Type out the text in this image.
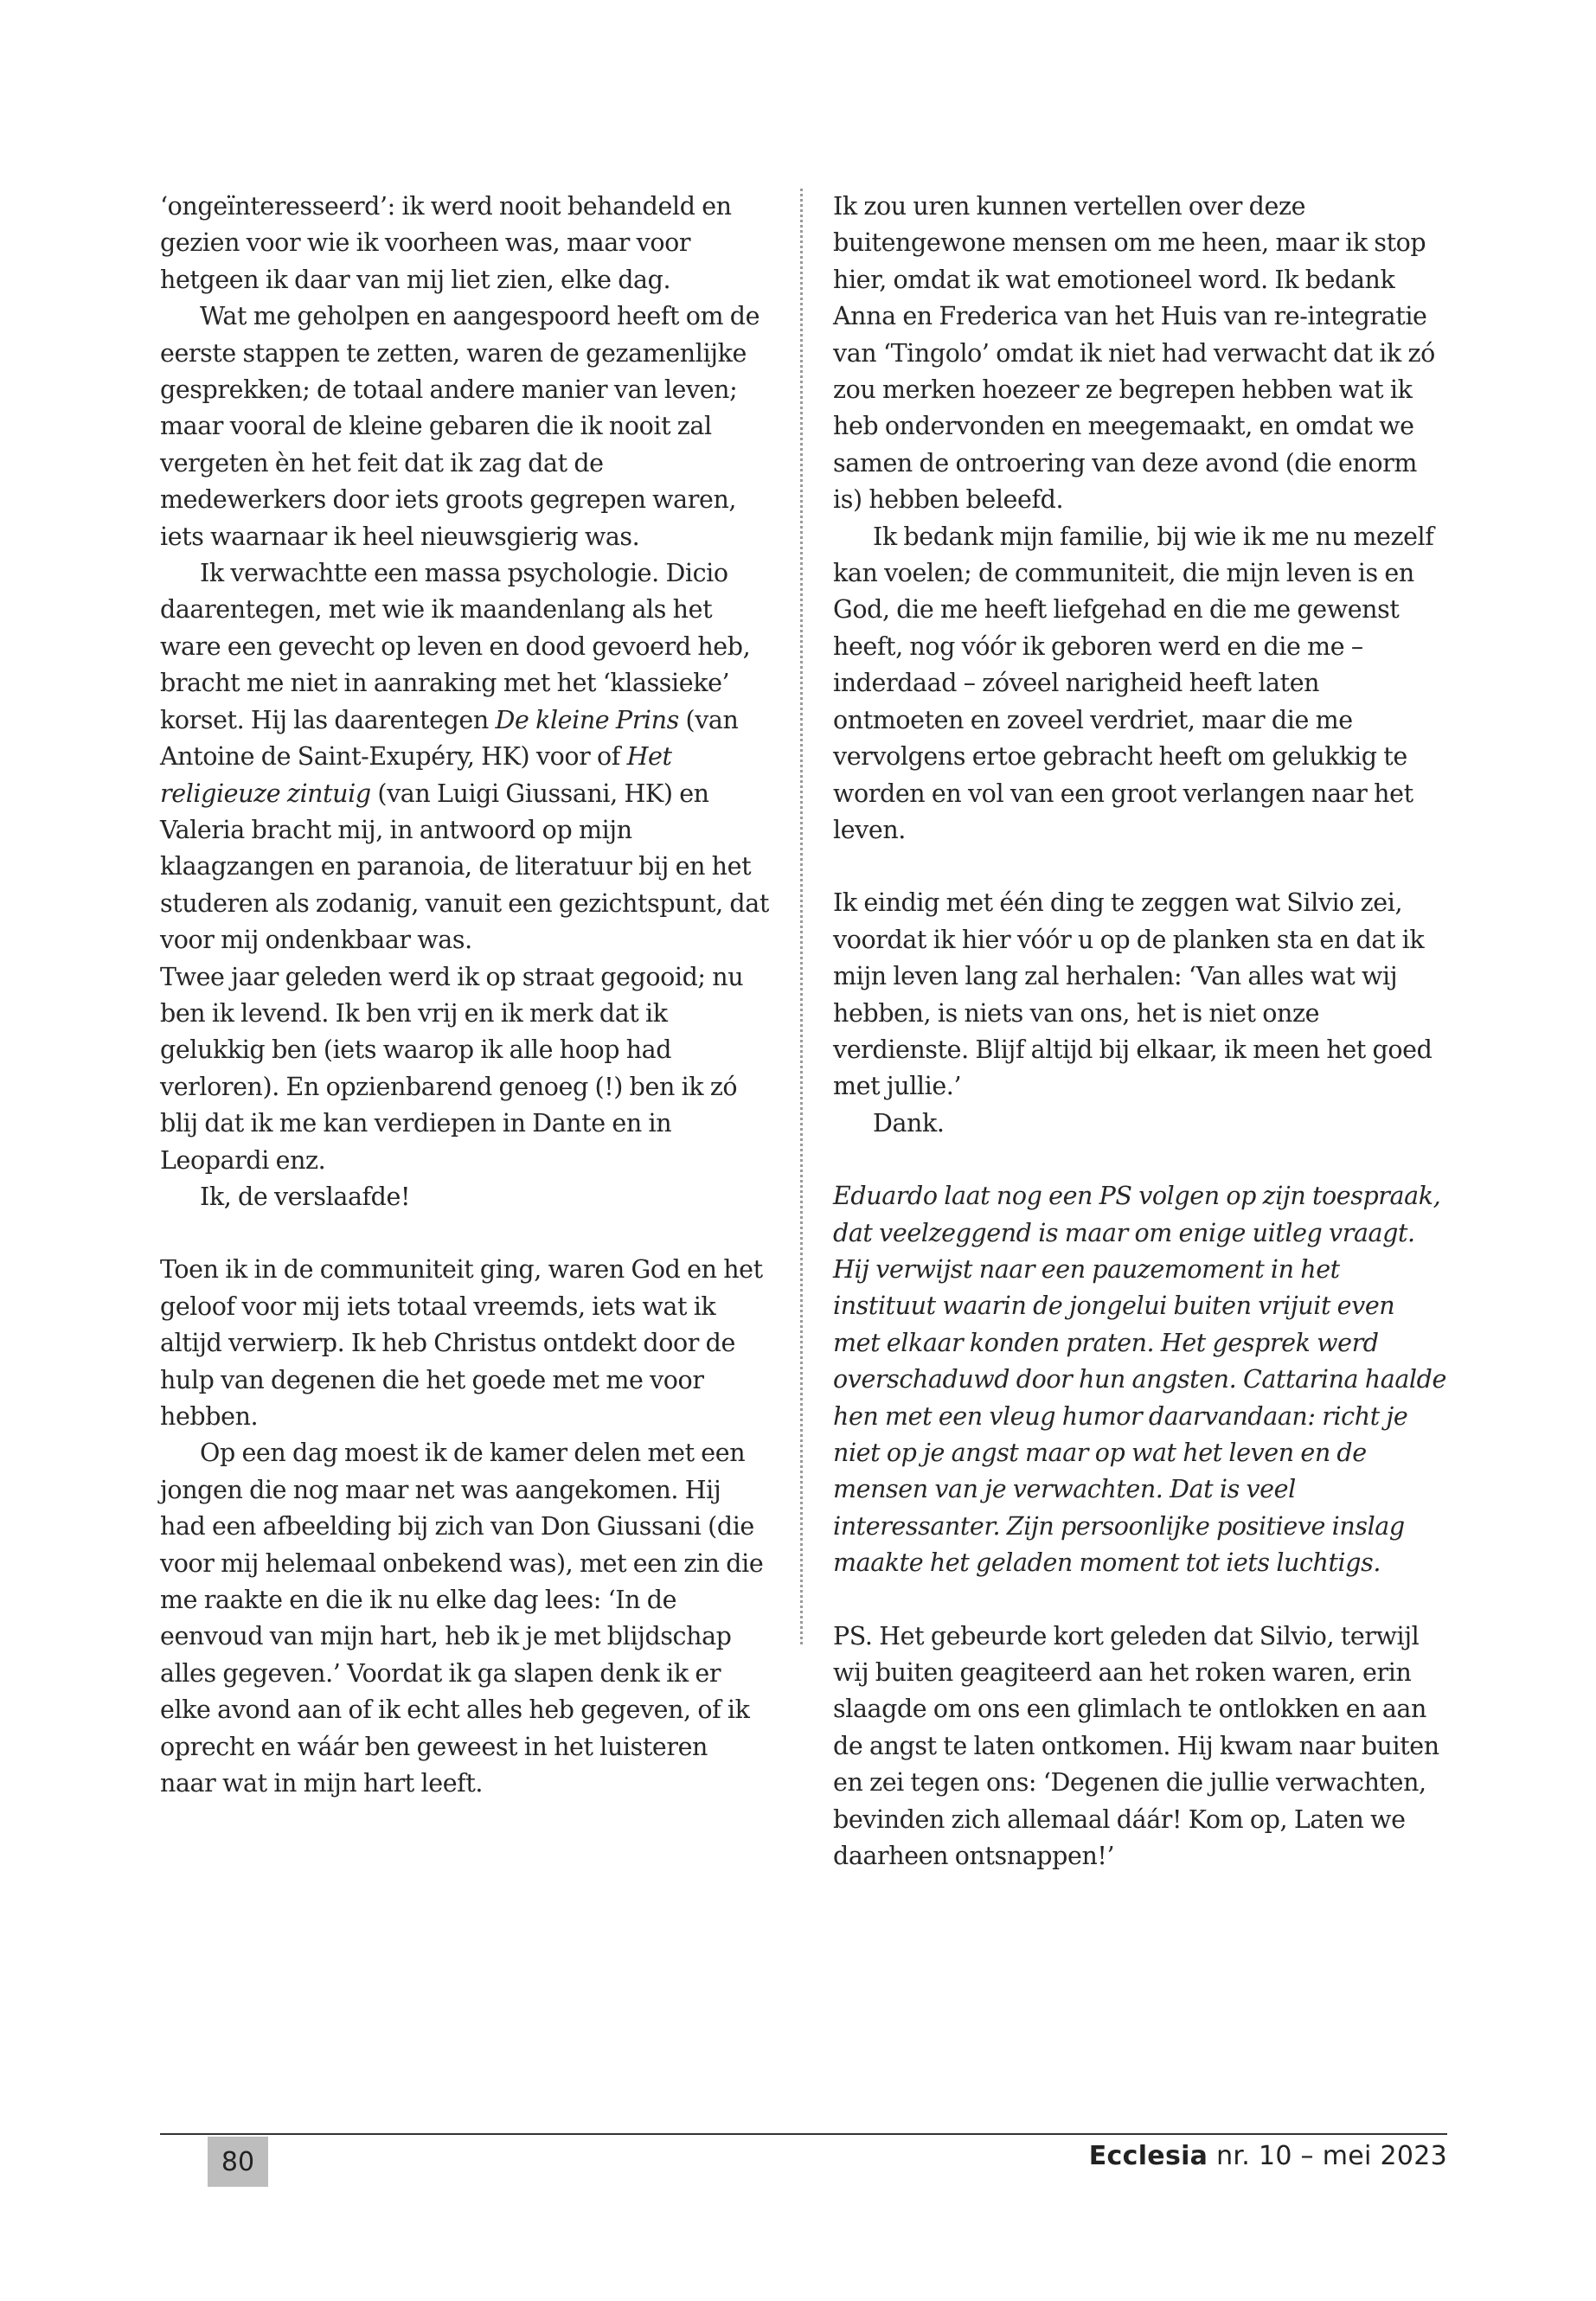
‘ongeïnteresseerd’: ik werd nooit behandeld en gezien voor wie ik voorheen was, maar voor hetgeen ik daar van mij liet zien, elke dag.

Wat me geholpen en aangespoord heeft om de eerste stappen te zetten, waren de gezamenlijke gesprekken; de totaal andere manier van leven; maar vooral de kleine gebaren die ik nooit zal vergeten èn het feit dat ik zag dat de medewerkers door iets groots gegrepen waren, iets waarnaar ik heel nieuwsgierig was.

Ik verwachtte een massa psychologie. Dicio daarentegen, met wie ik maandenlang als het ware een gevecht op leven en dood gevoerd heb, bracht me niet in aanraking met het ‘klassieke’ korset. Hij las daarentegen De kleine Prins (van Antoine de Saint-Exupéry, HK) voor of Het religieuze zintuig (van Luigi Giussani, HK) en Valeria bracht mij, in antwoord op mijn klaagzangen en paranoia, de literatuur bij en het studeren als zodanig, vanuit een gezichtspunt, dat voor mij ondenkbaar was.

Twee jaar geleden werd ik op straat gegooid; nu ben ik levend. Ik ben vrij en ik merk dat ik gelukkig ben (iets waarop ik alle hoop had verloren). En opzienbarend genoeg (!) ben ik zó blij dat ik me kan verdiepen in Dante en in Leopardi enz.

Ik, de verslaafde!

Toen ik in de communiteit ging, waren God en het geloof voor mij iets totaal vreemds, iets wat ik altijd verwierp. Ik heb Christus ontdekt door de hulp van degenen die het goede met me voor hebben.

Op een dag moest ik de kamer delen met een jongen die nog maar net was aangekomen. Hij had een afbeelding bij zich van Don Giussani (die voor mij helemaal onbekend was), met een zin die me raakte en die ik nu elke dag lees: ‘In de eenvoud van mijn hart, heb ik je met blijdschap alles gegeven.’ Voordat ik ga slapen denk ik er elke avond aan of ik echt alles heb gegeven, of ik oprecht en wáár ben geweest in het luisteren naar wat in mijn hart leeft.

Ik zou uren kunnen vertellen over deze buitengewone mensen om me heen, maar ik stop hier, omdat ik wat emotioneel word. Ik bedank Anna en Frederica van het Huis van re-integratie van ‘Tingolo’ omdat ik niet had verwacht dat ik zó zou merken hoezeer ze begrepen hebben wat ik heb ondervonden en meegemaakt, en omdat we samen de ontroering van deze avond (die enorm is) hebben beleefd.

Ik bedank mijn familie, bij wie ik me nu mezelf kan voelen; de communiteit, die mijn leven is en God, die me heeft liefgehad en die me gewenst heeft, nog vóór ik geboren werd en die me – inderdaad – zóveel narigheid heeft laten ontmoeten en zoveel verdriet, maar die me vervolgens ertoe gebracht heeft om gelukkig te worden en vol van een groot verlangen naar het leven.

Ik eindig met één ding te zeggen wat Silvio zei, voordat ik hier vóór u op de planken sta en dat ik mijn leven lang zal herhalen: ‘Van alles wat wij hebben, is niets van ons, het is niet onze verdienste. Blijf altijd bij elkaar, ik meen het goed met jullie.’

Dank.

Eduardo laat nog een PS volgen op zijn toespraak, dat veelzeggend is maar om enige uitleg vraagt. Hij verwijst naar een pauzemoment in het instituut waarin de jongelui buiten vrijuit even met elkaar konden praten. Het gesprek werd overschaduwd door hun angsten. Cattarina haalde hen met een vleug humor daarvandaan: richt je niet op je angst maar op wat het leven en de mensen van je verwachten. Dat is veel interessanter. Zijn persoonlijke positieve inslag maakte het geladen moment tot iets luchtigs.

PS. Het gebeurde kort geleden dat Silvio, terwijl wij buiten geagiteerd aan het roken waren, erin slaagde om ons een glimlach te ontlokken en aan de angst te laten ontkomen. Hij kwam naar buiten en zei tegen ons: ‘Degenen die jullie verwachten, bevinden zich allemaal dáár! Kom op, Laten we daarheen ontsnappen!’

80	Ecclesia nr. 10 – mei 2023
